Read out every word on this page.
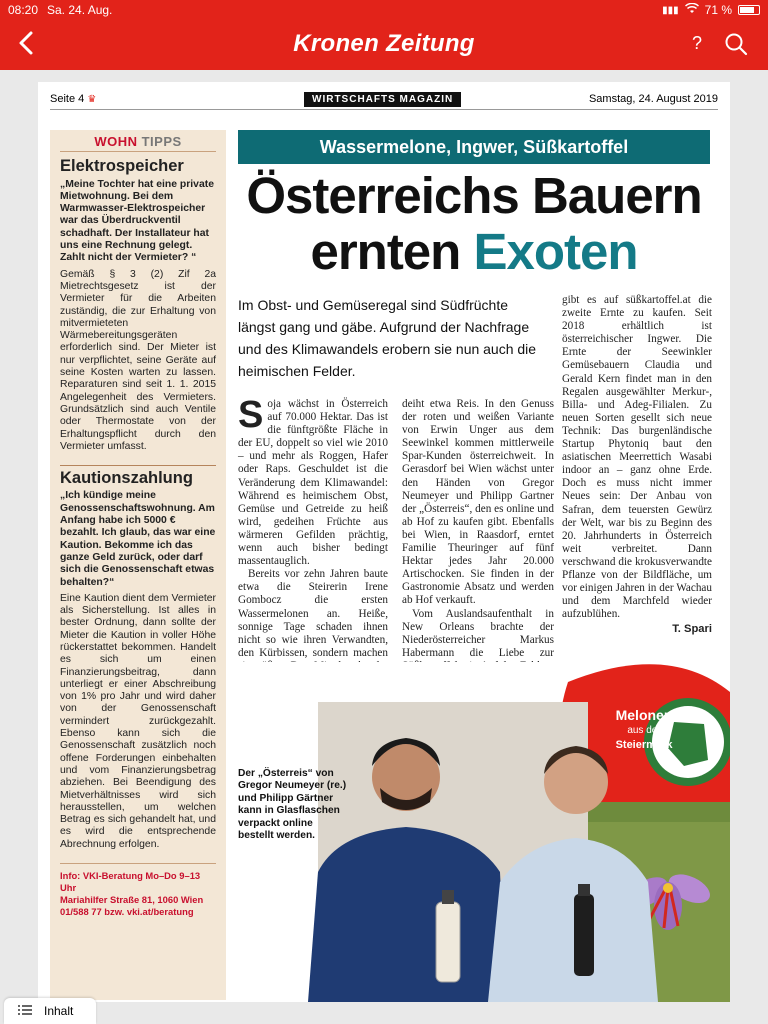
08:20 Sa. 24. Aug.	▮▮▮ 71 %
Kronen Zeitung	?
Seite 4 ♛	WIRTSCHAFTS MAGAZIN	Samstag, 24. August 2019
WOHN TIPPS
Elektrospeicher

„Meine Tochter hat eine private Mietwohnung. Bei dem Warmwasser-Elektrospeicher war das Überdruckventil schadhaft. Der Installateur hat uns eine Rechnung gelegt. Zahlt nicht der Vermieter? “

Gemäß § 3 (2) Zif 2a Mietrechtsgesetz ist der Vermieter für die Arbeiten zuständig, die zur Erhaltung von mitvermieteten Wärmebereitungsgeräten erforderlich sind. Der Mieter ist nur verpflichtet, seine Geräte auf seine Kosten warten zu lassen. Reparaturen sind seit 1. 1. 2015 Angelegenheit des Vermieters. Grundsätzlich sind auch Ventile oder Thermostate von der Erhaltungspflicht durch den Vermieter umfasst.

Kautionszahlung

„Ich kündige meine Genossenschaftswohnung. Am Anfang habe ich 5000 € bezahlt. Ich glaub, das war eine Kaution. Bekomme ich das ganze Geld zurück, oder darf sich die Genossenschaft etwas behalten?“

Eine Kaution dient dem Vermieter als Sicherstellung. Ist alles in bester Ordnung, dann sollte der Mieter die Kaution in voller Höhe rückerstattet bekommen. Handelt es sich um einen Finanzierungsbeitrag, dann unterliegt er einer Abschreibung von 1% pro Jahr und wird daher von der Genossenschaft vermindert zurückgezahlt. Ebenso kann sich die Genossenschaft zusätzlich noch offene Forderungen einbehalten und vom Finanzierungsbetrag abziehen. Bei Beendigung des Mietverhältnisses wird sich herausstellen, um welchen Betrag es sich gehandelt hat, und es wird die entsprechende Abrechnung erfolgen.

Info: VKI-Beratung Mo–Do 9–13 Uhr
Mariahilfer Straße 81, 1060 Wien
01/588 77 bzw. vki.at/beratung
Wassermelone, Ingwer, Süßkartoffel
Österreichs Bauern
ernten Exoten
Im Obst- und Gemüseregal sind Südfrüchte längst gang und gäbe. Aufgrund der Nachfrage und des Klimawandels erobern sie nun auch die heimischen Felder.
Soja wächst in Österreich auf 70.000 Hektar. Das ist die fünftgrößte Fläche in der EU, doppelt so viel wie 2010 – und mehr als Roggen, Hafer oder Raps. Geschuldet ist die Veränderung dem Klimawandel: Während es heimischem Obst, Gemüse und Getreide zu heiß wird, gedeihen Früchte aus wärmeren Gefilden prächtig, wenn auch bisher bedingt massentauglich.

Bereits vor zehn Jahren baute etwa die Steirerin Irene Gombocz die ersten Wassermelonen an. Heiße, sonnige Tage schaden ihnen nicht so wie ihren Verwandten, den Kürbissen, sondern machen

deiht etwa Reis. In den Genuss der roten und weißen Variante von Erwin Unger aus dem Seewinkel kommen mittlerweile Spar-Kunden österreichweit. In Gerasdorf bei Wien wächst unter den Händen von Gregor Neumeyer und Philipp Gartner der „Österreis“, den es online und ab Hof zu kaufen gibt. Ebenfalls bei Wien, in Raasdorf, erntet Familie Theuringer auf fünf Hektar jedes Jahr 20.000 Artischocken. Sie finden in der Gastronomie Absatz und werden ab Hof verkauft.

Vom Auslandsaufenthalt in New Orleans brachte der Niederösterreicher Markus Habermann die Liebe zur

gibt es auf süßkartoffel.at die zweite Ernte zu kaufen. Seit 2018 erhältlich ist österreichischer Ingwer. Die Ernte der Seewinkler Gemüsebauern Claudia und Gerald Kern findet man in den Regalen ausgewählter Merkur-, Billa- und Adeg-Filialen. Zu neuen Sorten gesellt sich neue Technik: Das burgenländische Startup Phytoniq baut den asiatischen Meerrettich Wasabi indoor an – ganz ohne Erde. Doch es muss nicht immer Neues sein: Der Anbau von Safran, dem teuersten Gewürz der Welt, war bis zu Beginn des 20. Jahrhunderts in Österreich weit verbreitet. Dann verschwand die krokusverwandte Pflanze von der Bildfläche, um vor einigen Jahren in der Wachau und dem Marchfeld wieder aufzublühen.

T. Spari

Melonen
aus der
Steiermark
Der „Österreis“ von Gregor Neumeyer (re.) und Philipp Gärtner kann in Glasflaschen verpackt online bestellt werden.
Inhalt
